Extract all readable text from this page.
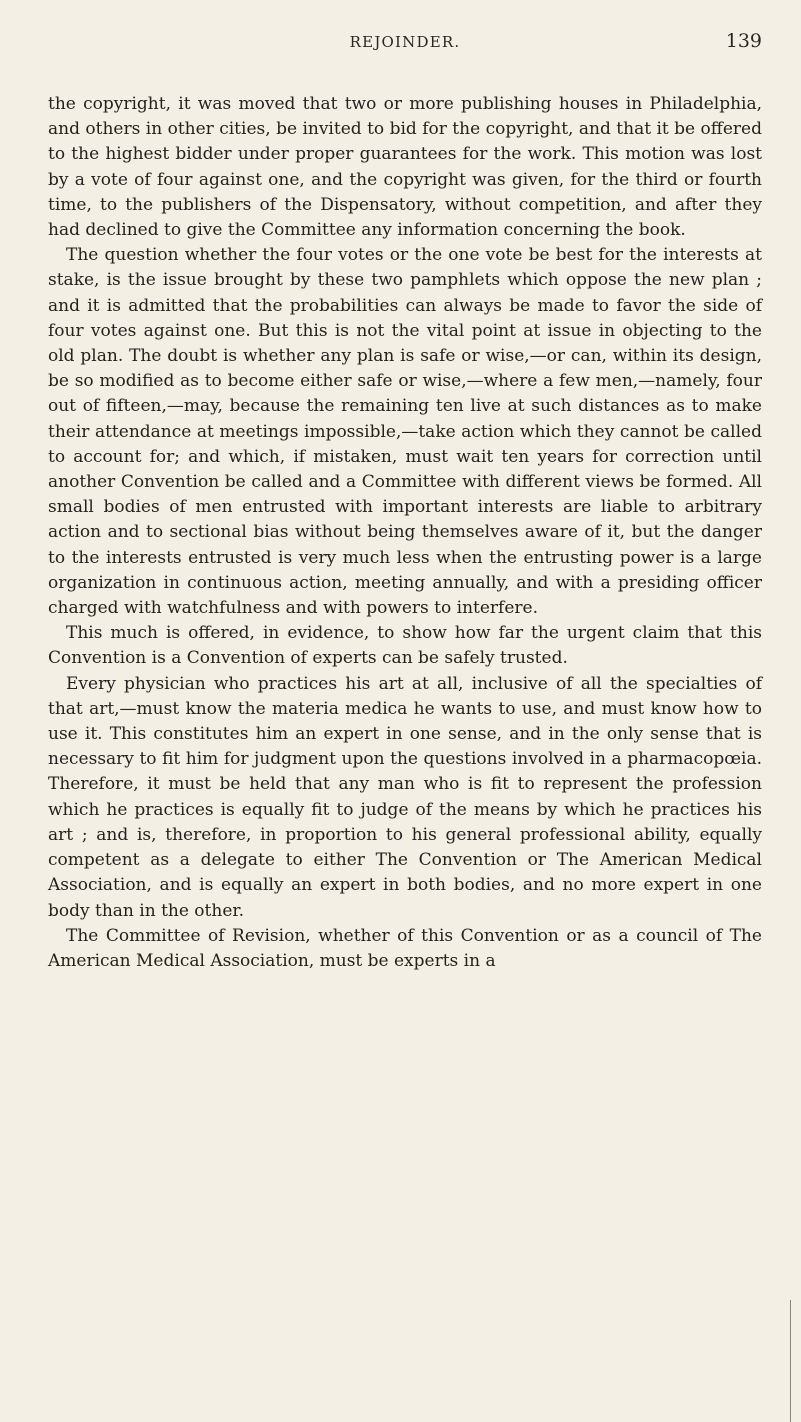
REJOINDER.	139

the copyright, it was moved that two or more publishing houses in Philadelphia, and others in other cities, be invited to bid for the copyright, and that it be offered to the highest bidder under proper guarantees for the work. This motion was lost by a vote of four against one, and the copyright was given, for the third or fourth time, to the publishers of the Dispensatory, without competition, and after they had declined to give the Committee any information concerning the book.

The question whether the four votes or the one vote be best for the interests at stake, is the issue brought by these two pamphlets which oppose the new plan ; and it is admitted that the probabilities can always be made to favor the side of four votes against one. But this is not the vital point at issue in objecting to the old plan. The doubt is whether any plan is safe or wise,—or can, within its design, be so modified as to become either safe or wise,—where a few men,—namely, four out of fifteen,—may, because the remaining ten live at such distances as to make their attendance at meetings impossible,—take action which they cannot be called to account for; and which, if mistaken, must wait ten years for correction until another Convention be called and a Committee with different views be formed. All small bodies of men entrusted with important interests are liable to arbitrary action and to sectional bias without being themselves aware of it, but the danger to the interests entrusted is very much less when the entrusting power is a large organization in continuous action, meeting annually, and with a presiding officer charged with watchfulness and with powers to interfere.

This much is offered, in evidence, to show how far the urgent claim that this Convention is a Convention of experts can be safely trusted.

Every physician who practices his art at all, inclusive of all the specialties of that art,—must know the materia medica he wants to use, and must know how to use it. This constitutes him an expert in one sense, and in the only sense that is necessary to fit him for judgment upon the questions involved in a pharmacopœia. Therefore, it must be held that any man who is fit to represent the profession which he practices is equally fit to judge of the means by which he practices his art ; and is, therefore, in proportion to his general professional ability, equally competent as a delegate to either The Convention or The American Medical Association, and is equally an expert in both bodies, and no more expert in one body than in the other.

The Committee of Revision, whether of this Convention or as a council of The American Medical Association, must be experts in a
